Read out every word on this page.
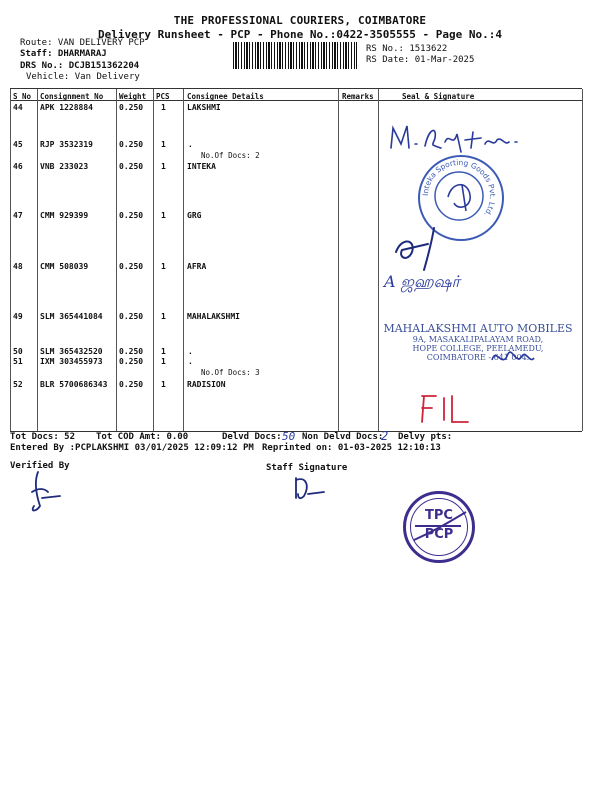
THE PROFESSIONAL COURIERS, COIMBATORE
Delivery Runsheet - PCP - Phone No.:0422-3505555 - Page No.:4
Route: VAN DELIVERY PCP
Staff: DHARMARAJ
DRS No.: DCJB151362204
Vehicle: Van Delivery
RS No.: 1513622
RS Date: 01-Mar-2025
S No Consignment No Weight PCS Consignee Details	Remarks	Seal & Signature
44 APK 1228884	0.250 1	LAKSHMI
45 RJP 3532319	0.250 1	.
No.Of Docs: 2
46 VNB 233023	0.250 1	INTEKA
47 CMM 929399	0.250 1	GRG
48 CMM 508039	0.250 1	AFRA
49 SLM 365441084 0.250 1	MAHALAKSHMI
50 SLM 365432520 0.250 1	.
51 IXM 303455973 0.250 1	.
No.Of Docs: 3
52 BLR 5700686343 0.250 1	RADISION
Inteka Sporting Goods Pvt. Ltd.
A ஜஹஷர்
MAHALAKSHMI AUTO MOBILES
9A, MASAKALIPALAYAM ROAD,
HOPE COLLEGE, PEELAMEDU,
COIMBATORE - 641 004.
Tot Docs: 52 Tot COD Amt: 0.00	Delvd Docs: 50 Non Delvd Docs:
2 Delvy pts:
Entered By :PCPLAKSHMI 03/01/2025 12:09:12 PM Reprinted on: 01-03-2025 12:10:13
Verified By	Staff Signature
TPC
PCP
